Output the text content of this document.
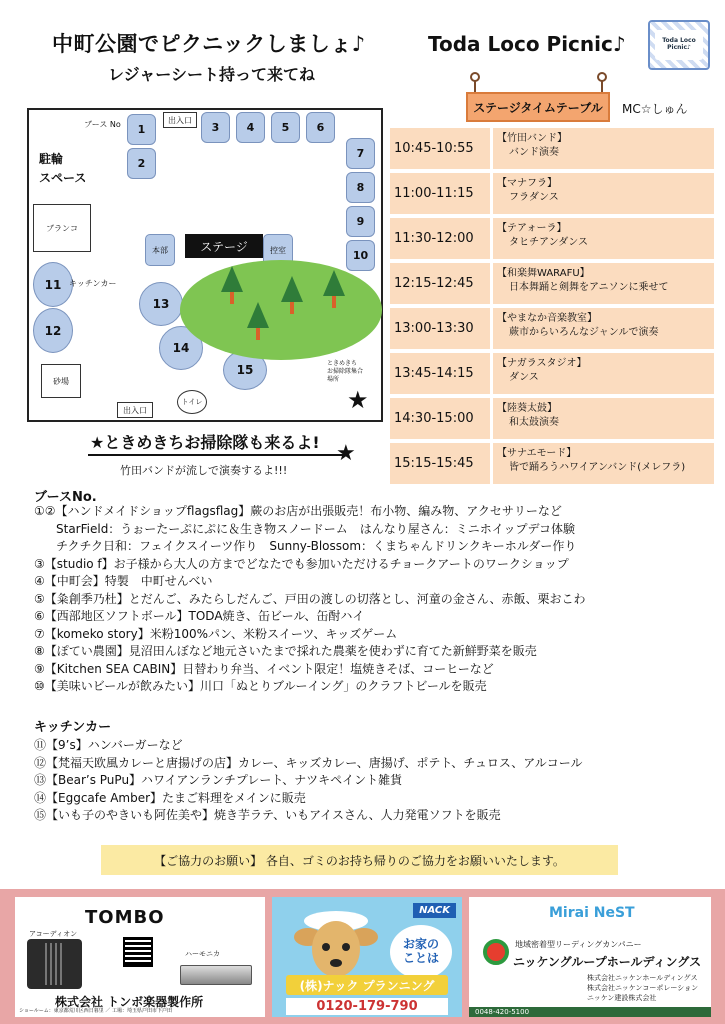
中町公園でピクニックしましょ♪
レジャーシート持って来てね
Toda Loco Picnic♪	Toda Loco Picnic♪
ブース No	出入口
1
2
3	4	5	6
7
8
9
10
駐輪
スペース
ブランコ
砂場
11
12
キッチンカー
13
14
15
本部	ステージ	控室
ときめきち
お掃除隊集合
場所
★
トイレ
出入口
★ときめきちお掃除隊も来るよ! ★
竹田バンドが流しで演奏するよ!!!
ステージタイムテーブル	MC☆しゅん
10:45-10:55
【竹田バンド】
バンド演奏
11:00-11:15
【マナフラ】
フラダンス
11:30-12:00
【テアォーラ】
タヒチアンダンス
12:15-12:45
【和楽舞WARAFU】
日本舞踊と剣舞をアニソンに乗せて
13:00-13:30
【やまなか音楽教室】
蕨市からいろんなジャンルで演奏
13:45-14:15
【ナガラスタジオ】
ダンス
14:30-15:00
【陸葵太鼓】
和太鼓演奏
15:15-15:45
【サナエモード】
皆で踊ろうハワイアンバンド(メレフラ)
ブースNo.
①②【ハンドメイドショップflagsflag】蕨のお店が出張販売！布小物、編み物、アクセサリーなど
StarField：うぉーたーぷにぷに＆生き物スノードーム　はんなり屋さん：ミニホイップデコ体験
チクチク日和：フェイクスイーツ作り　Sunny-Blossom：くまちゃんドリンクキーホルダー作り
③【studio f】お子様から大人の方までどなたでも参加いただけるチョークアートのワークショップ
④【中町会】特製　中町せんべい
⑤【粂創季乃杜】とだんご、みたらしだんご、戸田の渡しの切落とし、河童の金さん、赤飯、栗おこわ
⑥【西部地区ソフトボール】TODA焼き、缶ビール、缶酎ハイ
⑦【komeko story】米粉100%パン、米粉スイーツ、キッズゲーム
⑧【ぽてい農園】見沼田んぼなど地元さいたまで採れた農薬を使わずに育てた新鮮野菜を販売
⑨【Kitchen SEA CABIN】日替わり弁当、イベント限定！塩焼きそば、コーヒーなど
⑩【美味いビールが飲みたい】川口「ぬとりブルーイング」のクラフトビールを販売
キッチンカー
⑪【9’s】ハンバーガーなど
⑫【梵福天欧風カレーと唐揚げの店】カレー、キッズカレー、唐揚げ、ポテト、チュロス、アルコール
⑬【Bear’s PuPu】ハワイアンランチプレート、ナツキペイント雑貨
⑭【Eggcafe Amber】たまご料理をメインに販売
⑮【いも子のやきいも阿佐美や】焼き芋ラテ、いもアイスさん、人力発電ソフトを販売
【ご協力のお願い】 各自、ゴミのお持ち帰りのご協力をお願いいたします。
TOMBO
アコーディオン
ハーモニカ
株式会社 トンボ楽器製作所
ショールーム：東京都荒川区西日暮里 ／ 工場：埼玉県戸田市下戸田
NACK
お家の
ことは
(株)ナック プランニング
0120-179-790
Mirai NeST
地域密着型リーディングカンパニー
ニッケングループホールディングス
株式会社ニッケンホールディングス
株式会社ニッケンコーポレーション
ニッケン建設株式会社
0048-420-5100
